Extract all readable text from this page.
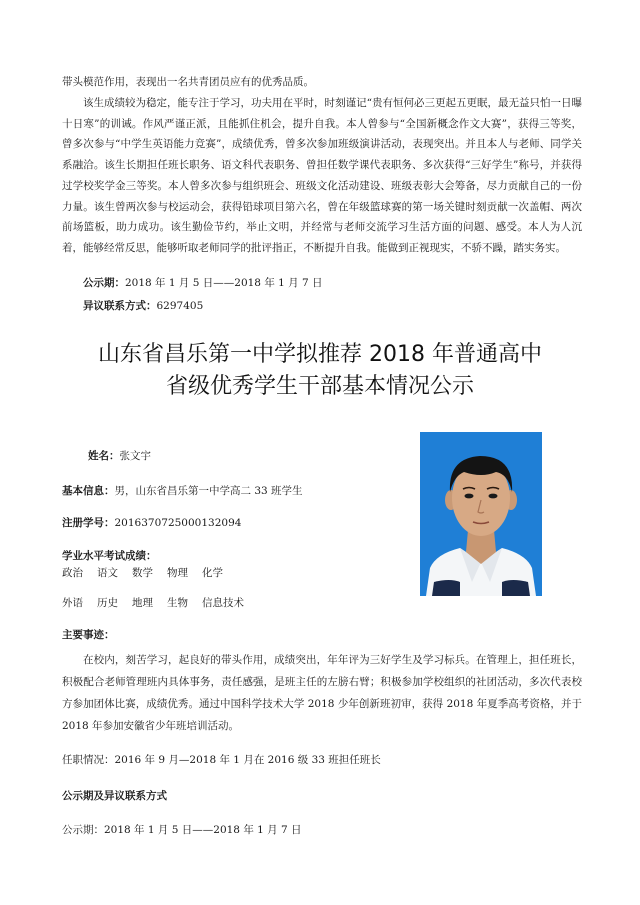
带头模范作用，表现出一名共青团员应有的优秀品质。

该生成绩较为稳定，能专注于学习，功夫用在平时，时刻谨记“贵有恒何必三更起五更眠，最无益只怕一日曝十日寒”的训诫。作风严谨正派，且能抓住机会，提升自我。本人曾参与“全国新概念作文大赛”，获得三等奖，曾多次参与“中学生英语能力竞赛”，成绩优秀，曾多次参加班级演讲活动，表现突出。并且本人与老师、同学关系融洽。该生长期担任班长职务、语文科代表职务、曾担任数学课代表职务、多次获得“三好学生”称号，并获得过学校奖学金三等奖。本人曾多次参与组织班会、班级文化活动建设、班级表彰大会筹备，尽力贡献自己的一份力量。该生曾两次参与校运动会，获得铅球项目第六名，曾在年级篮球赛的第一场关键时刻贡献一次盖帽、两次前场篮板，助力成功。该生勤俭节约，举止文明，并经常与老师交流学习生活方面的问题、感受。本人为人沉着，能够经常反思，能够听取老师同学的批评指正，不断提升自我。能做到正视现实，不骄不躁，踏实务实。

公示期：2018 年 1 月 5 日——2018 年 1 月 7 日
异议联系方式：6297405
山东省昌乐第一中学拟推荐 2018 年普通高中
省级优秀学生干部基本情况公示
姓名：张文宇
基本信息：男，山东省昌乐第一中学高二 33 班学生
注册学号：2016370725000132094
学业水平考试成绩：
政治 语文 数学 物理 化学
外语 历史 地理 生物 信息技术
主要事迹：

在校内，刻苦学习，起良好的带头作用，成绩突出，年年评为三好学生及学习标兵。在管理上，担任班长，积极配合老师管理班内具体事务，责任感强，是班主任的左膀右臂；积极参加学校组织的社团活动，多次代表校方参加团体比赛，成绩优秀。通过中国科学技术大学 2018 少年创新班初审，获得 2018 年夏季高考资格，并于 2018 年参加安徽省少年班培训活动。

任职情况：2016 年 9 月—2018 年 1 月在 2016 级 33 班担任班长
公示期及异议联系方式
公示期：2018 年 1 月 5 日——2018 年 1 月 7 日
